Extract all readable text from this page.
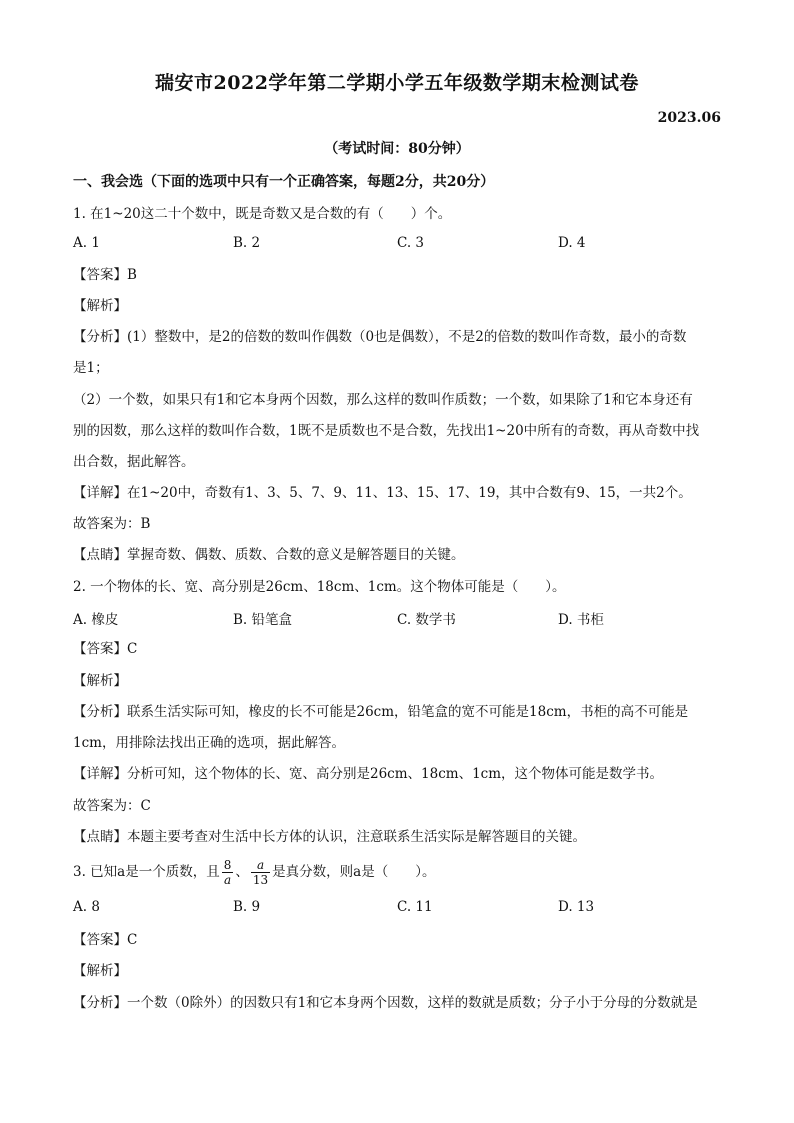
瑞安市2022学年第二学期小学五年级数学期末检测试卷
2023.06
（考试时间：80分钟）
一、我会选（下面的选项中只有一个正确答案，每题2分，共20分）
1. 在1~20这二十个数中，既是奇数又是合数的有（　　）个。
A. 1	B. 2	C. 3	D. 4
【答案】B
【解析】
【分析】(1）整数中，是2的倍数的数叫作偶数（0也是偶数），不是2的倍数的数叫作奇数，最小的奇数
是1；
（2）一个数，如果只有1和它本身两个因数，那么这样的数叫作质数；一个数，如果除了1和它本身还有
别的因数，那么这样的数叫作合数，1既不是质数也不是合数，先找出1~20中所有的奇数，再从奇数中找
出合数，据此解答。
【详解】在1~20中，奇数有1、3、5、7、9、11、13、15、17、19，其中合数有9、15，一共2个。
故答案为：B
【点睛】掌握奇数、偶数、质数、合数的意义是解答题目的关键。
2. 一个物体的长、宽、高分别是26cm、18cm、1cm。这个物体可能是（　　）。
A. 橡皮	B. 铅笔盒	C. 数学书	D. 书柜
【答案】C
【解析】
【分析】联系生活实际可知，橡皮的长不可能是26cm，铅笔盒的宽不可能是18cm，书柜的高不可能是
1cm，用排除法找出正确的选项，据此解答。
【详解】分析可知，这个物体的长、宽、高分别是26cm、18cm、1cm，这个物体可能是数学书。
故答案为：C
【点睛】本题主要考查对生活中长方体的认识，注意联系生活实际是解答题目的关键。
3. 已知a是一个质数，且 $\frac{8}{a}$ 、 $\frac{a}{13}$ 是真分数，则a是（　　）。
A. 8	B. 9	C. 11	D. 13
【答案】C
【解析】
【分析】一个数（0除外）的因数只有1和它本身两个因数，这样的数就是质数；分子小于分母的分数就是
